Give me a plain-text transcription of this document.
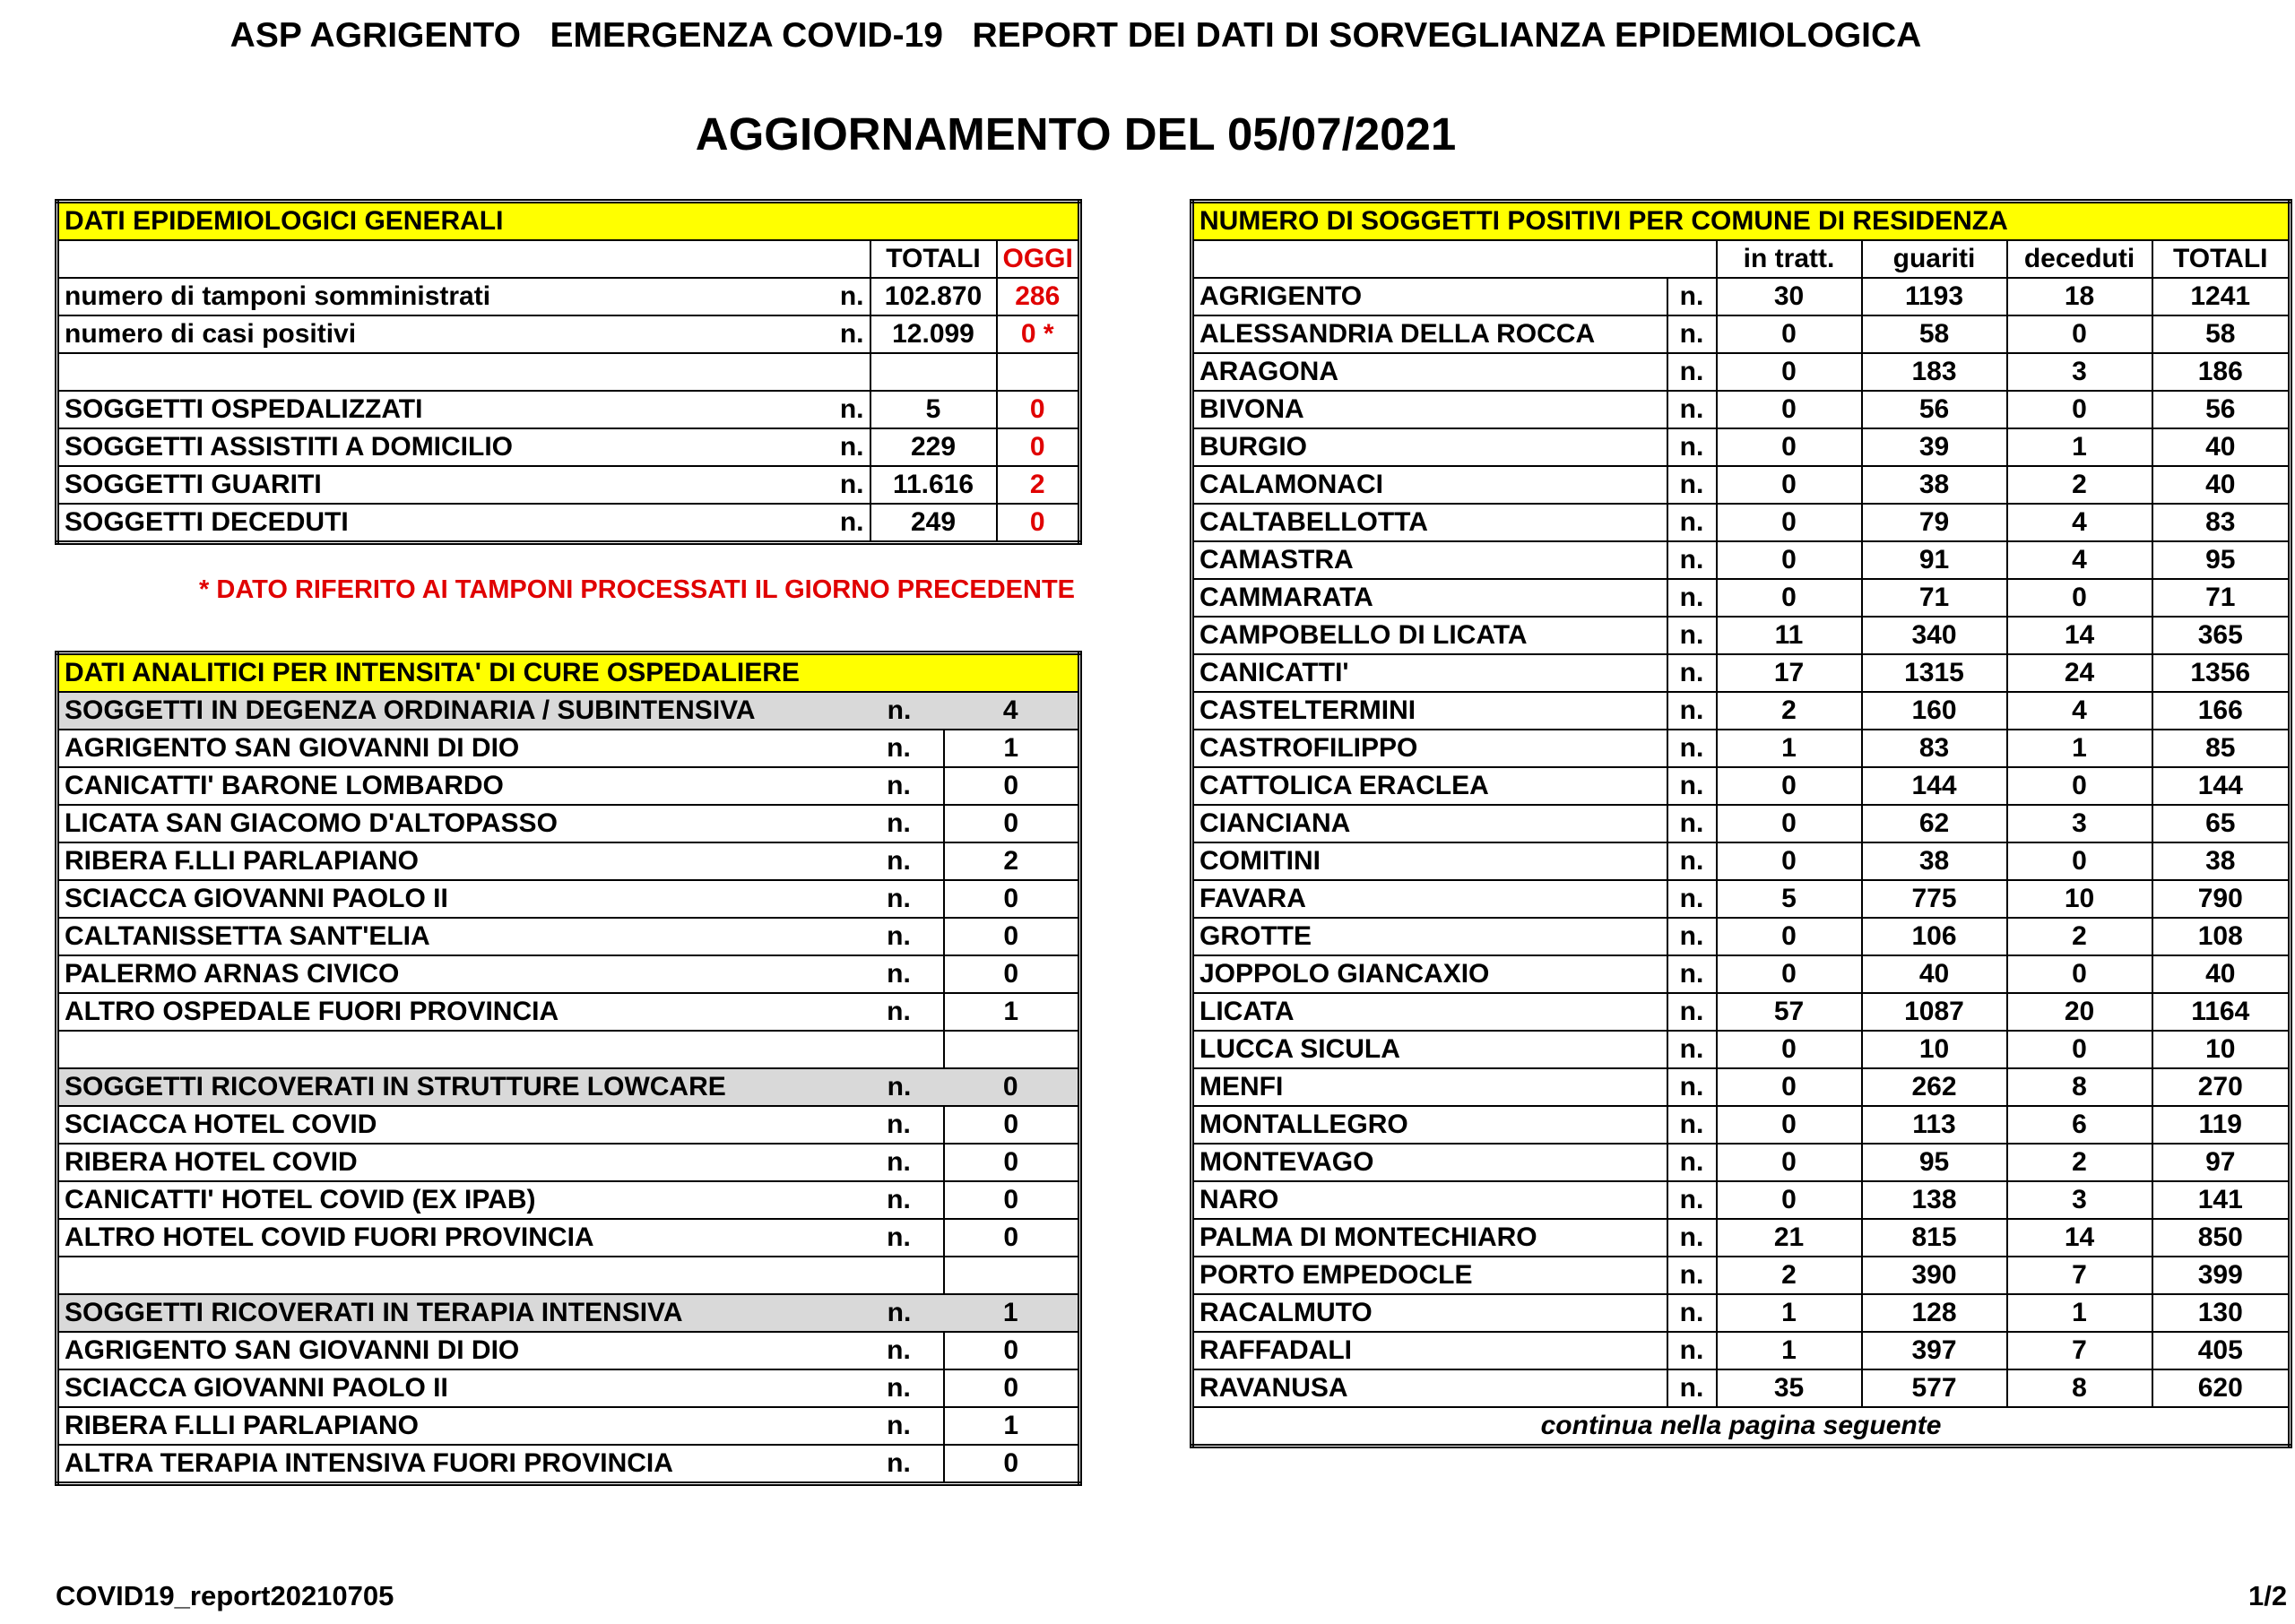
ASP AGRIGENTO   EMERGENZA COVID-19   REPORT DEI DATI DI SORVEGLIANZA EPIDEMIOLOGICA
AGGIORNAMENTO DEL 05/07/2021
DATI EPIDEMIOLOGICI GENERALI			
		TOTALI	OGGI
numero di tamponi somministrati	n.	102.870	286
numero di casi positivi	n.	12.099	0 *

SOGGETTI OSPEDALIZZATI	n.	5	0
SOGGETTI ASSISTITI A DOMICILIO	n.	229	0
SOGGETTI GUARITI	n.	11.616	2
SOGGETTI DECEDUTI	n.	249	0
* DATO RIFERITO AI TAMPONI PROCESSATI IL GIORNO PRECEDENTE
DATI ANALITICI PER INTENSITA' DI CURE OSPEDALIERE		
SOGGETTI IN DEGENZA ORDINARIA / SUBINTENSIVA	n.	4
AGRIGENTO SAN GIOVANNI DI DIO	n.	1
CANICATTI' BARONE LOMBARDO	n.	0
LICATA SAN GIACOMO D'ALTOPASSO	n.	0
RIBERA F.LLI PARLAPIANO	n.	2
SCIACCA GIOVANNI PAOLO II	n.	0
CALTANISSETTA SANT'ELIA	n.	0
PALERMO ARNAS CIVICO	n.	0
ALTRO OSPEDALE FUORI PROVINCIA	n.	1

SOGGETTI RICOVERATI IN STRUTTURE LOWCARE	n.	0
SCIACCA HOTEL COVID	n.	0
RIBERA HOTEL COVID	n.	0
CANICATTI' HOTEL COVID (EX IPAB)	n.	0
ALTRO HOTEL COVID FUORI PROVINCIA	n.	0

SOGGETTI RICOVERATI IN TERAPIA INTENSIVA	n.	1
AGRIGENTO SAN GIOVANNI DI DIO	n.	0
SCIACCA GIOVANNI PAOLO II	n.	0
RIBERA F.LLI PARLAPIANO	n.	1
ALTRA TERAPIA INTENSIVA FUORI PROVINCIA	n.	0
NUMERO DI SOGGETTI POSITIVI PER COMUNE DI RESIDENZA					
		in tratt.	guariti	deceduti	TOTALI
AGRIGENTO	n.	30	1193	18	1241
ALESSANDRIA DELLA ROCCA	n.	0	58	0	58
ARAGONA	n.	0	183	3	186
BIVONA	n.	0	56	0	56
BURGIO	n.	0	39	1	40
CALAMONACI	n.	0	38	2	40
CALTABELLOTTA	n.	0	79	4	83
CAMASTRA	n.	0	91	4	95
CAMMARATA	n.	0	71	0	71
CAMPOBELLO DI LICATA	n.	11	340	14	365
CANICATTI'	n.	17	1315	24	1356
CASTELTERMINI	n.	2	160	4	166
CASTROFILIPPO	n.	1	83	1	85
CATTOLICA ERACLEA	n.	0	144	0	144
CIANCIANA	n.	0	62	3	65
COMITINI	n.	0	38	0	38
FAVARA	n.	5	775	10	790
GROTTE	n.	0	106	2	108
JOPPOLO GIANCAXIO	n.	0	40	0	40
LICATA	n.	57	1087	20	1164
LUCCA SICULA	n.	0	10	0	10
MENFI	n.	0	262	8	270
MONTALLEGRO	n.	0	113	6	119
MONTEVAGO	n.	0	95	2	97
NARO	n.	0	138	3	141
PALMA DI MONTECHIARO	n.	21	815	14	850
PORTO EMPEDOCLE	n.	2	390	7	399
RACALMUTO	n.	1	128	1	130
RAFFADALI	n.	1	397	7	405
RAVANUSA	n.	35	577	8	620
continua nella pagina seguente					
COVID19_report20210705	1/2
